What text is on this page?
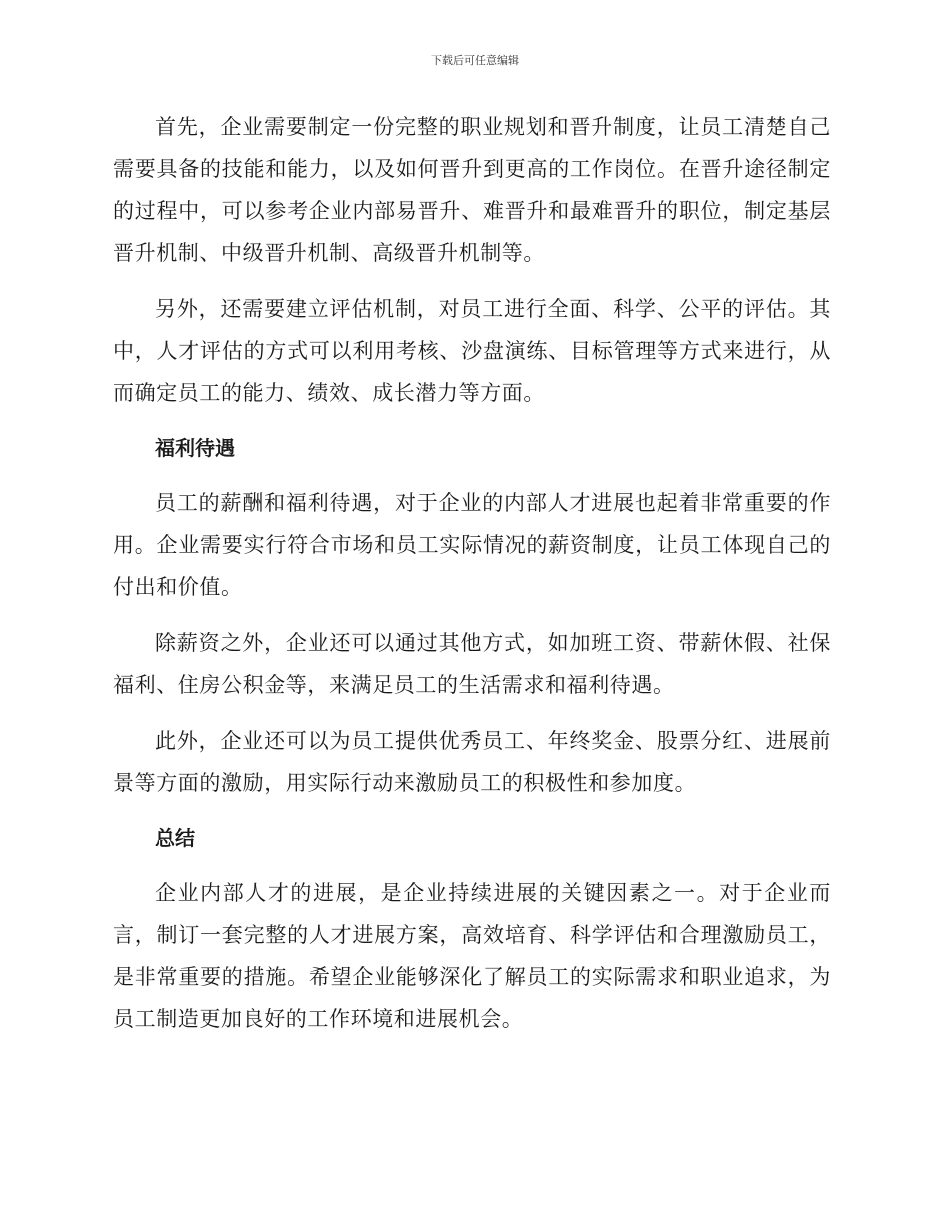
下载后可任意编辑

首先，企业需要制定一份完整的职业规划和晋升制度，让员工清楚自己需要具备的技能和能力，以及如何晋升到更高的工作岗位。在晋升途径制定的过程中，可以参考企业内部易晋升、难晋升和最难晋升的职位，制定基层晋升机制、中级晋升机制、高级晋升机制等。

另外，还需要建立评估机制，对员工进行全面、科学、公平的评估。其中，人才评估的方式可以利用考核、沙盘演练、目标管理等方式来进行，从而确定员工的能力、绩效、成长潜力等方面。

福利待遇

员工的薪酬和福利待遇，对于企业的内部人才进展也起着非常重要的作用。企业需要实行符合市场和员工实际情况的薪资制度，让员工体现自己的付出和价值。

除薪资之外，企业还可以通过其他方式，如加班工资、带薪休假、社保福利、住房公积金等，来满足员工的生活需求和福利待遇。

此外，企业还可以为员工提供优秀员工、年终奖金、股票分红、进展前景等方面的激励，用实际行动来激励员工的积极性和参加度。

总结

企业内部人才的进展，是企业持续进展的关键因素之一。对于企业而言，制订一套完整的人才进展方案，高效培育、科学评估和合理激励员工，是非常重要的措施。希望企业能够深化了解员工的实际需求和职业追求，为员工制造更加良好的工作环境和进展机会。
